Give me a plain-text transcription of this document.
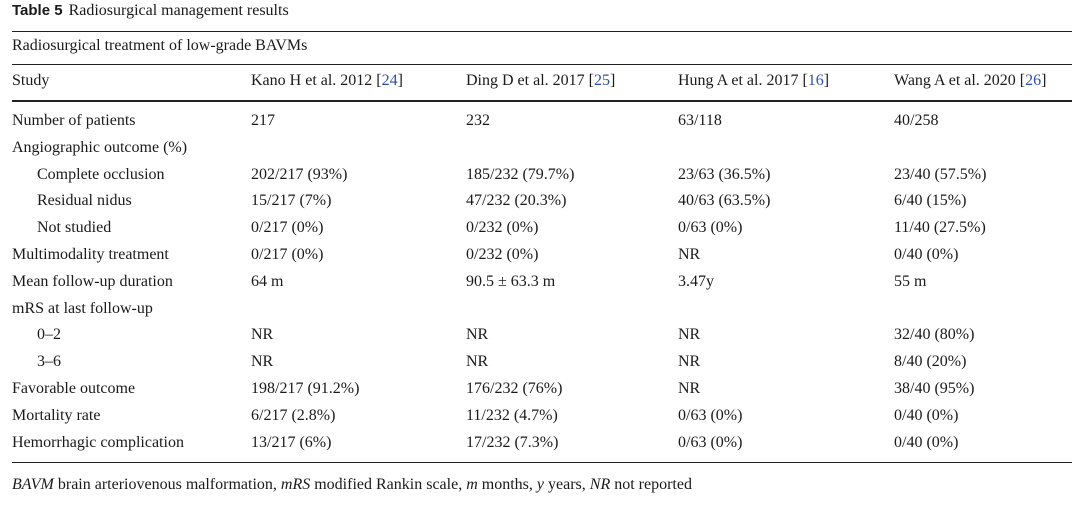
Table 5 Radiosurgical management results
Radiosurgical treatment of low-grade BAVMs
Study	Kano H et al. 2012 [24]	Ding D et al. 2017 [25]	Hung A et al. 2017 [16]	Wang A et al. 2020 [26]
Number of patients	217	232	63/118	40/258
Angiographic outcome (%)
Complete occlusion	202/217 (93%)	185/232 (79.7%)	23/63 (36.5%)	23/40 (57.5%)
Residual nidus	15/217 (7%)	47/232 (20.3%)	40/63 (63.5%)	6/40 (15%)
Not studied	0/217 (0%)	0/232 (0%)	0/63 (0%)	11/40 (27.5%)
Multimodality treatment	0/217 (0%)	0/232 (0%)	NR	0/40 (0%)
Mean follow-up duration	64 m	90.5 ± 63.3 m	3.47y	55 m
mRS at last follow-up
0–2	NR	NR	NR	32/40 (80%)
3–6	NR	NR	NR	8/40 (20%)
Favorable outcome	198/217 (91.2%)	176/232 (76%)	NR	38/40 (95%)
Mortality rate	6/217 (2.8%)	11/232 (4.7%)	0/63 (0%)	0/40 (0%)
Hemorrhagic complication	13/217 (6%)	17/232 (7.3%)	0/63 (0%)	0/40 (0%)
BAVM brain arteriovenous malformation, mRS modified Rankin scale, m months, y years, NR not reported
